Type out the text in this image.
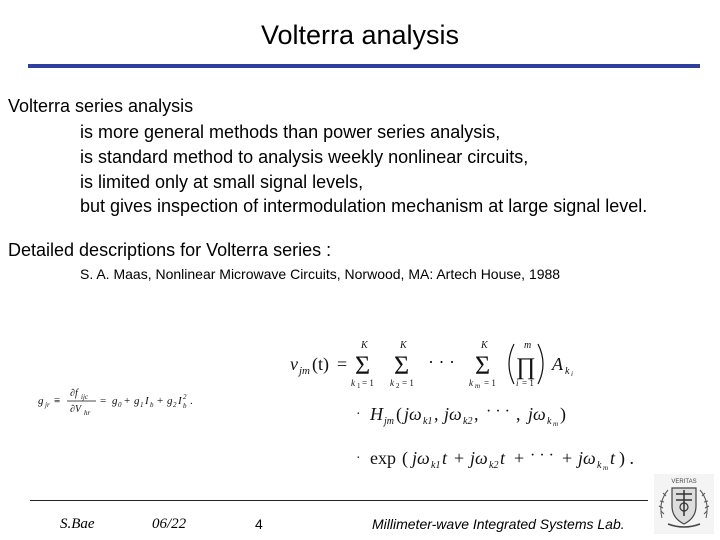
Volterra analysis
Volterra series analysis
is more general methods than power series analysis,
is standard method to analysis weekly nonlinear circuits,
is limited only at small signal levels,
but gives inspection of intermodulation mechanism at large signal level.
Detailed descriptions for Volterra series :
S. A. Maas, Nonlinear Microwave Circuits, Norwood, MA: Artech House, 1988
g jr ≡
∂f ijc
∂V hr
= g 0 + g 1 I b + g 2 I 2
b .
v jm (t) =
K
Σ
k 1 = 1
K
Σ
k 2 = 1
· · ·
K
Σ
k m = 1
m
∏
i = 1
A k i
· H jm ( jω k1 , jω k2 , · · · , jω k m )
· exp ( jω k1 t + jω k2 t + · · · + jω k m t ) .
S.Bae	06/22	4	Millimeter-wave Integrated Systems Lab.
VERITAS
